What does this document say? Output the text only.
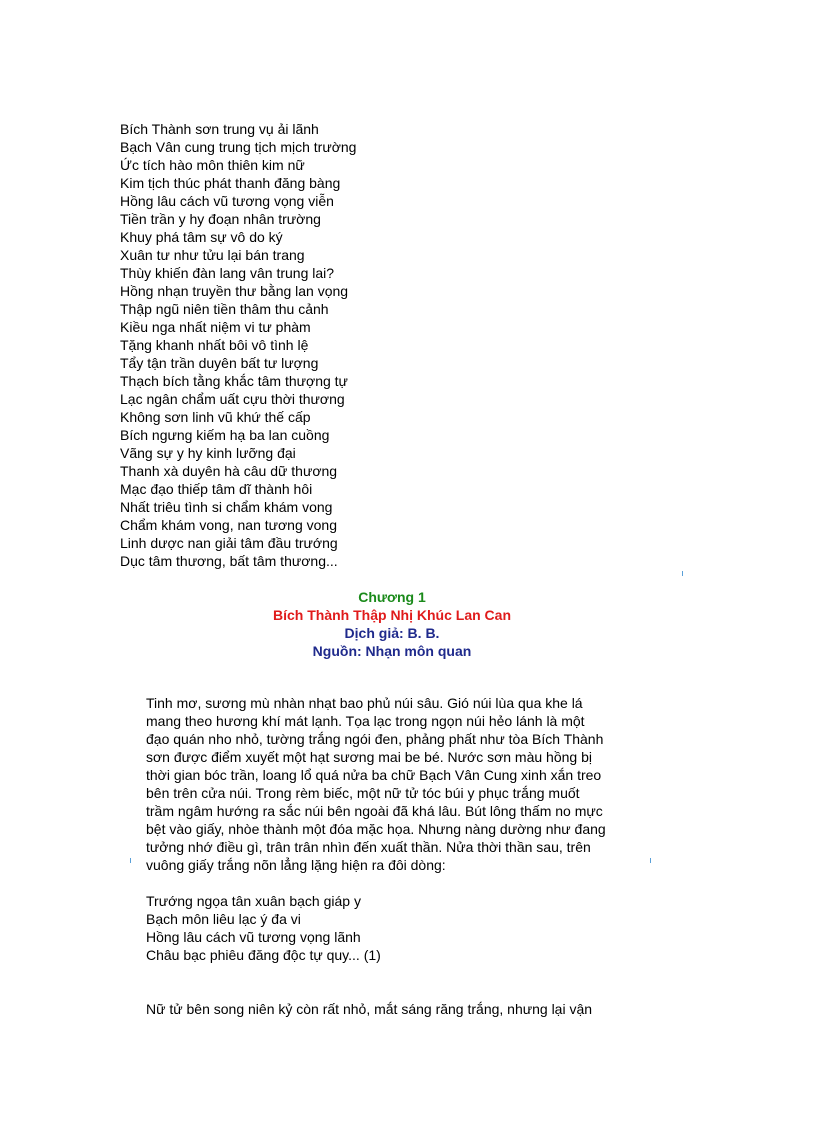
Bích Thành sơn trung vụ ải lãnh
Bạch Vân cung trung tịch mịch trường
Ức tích hào môn thiên kim nữ
Kim tịch thúc phát thanh đăng bàng
Hồng lâu cách vũ tương vọng viễn
Tiền trần y hy đoạn nhân trường
Khuy phá tâm sự vô do ký
Xuân tư như tửu lại bán trang
Thùy khiến đàn lang vân trung lai?
Hồng nhạn truyền thư bằng lan vọng
Thập ngũ niên tiền thâm thu cảnh
Kiều nga nhất niệm vi tư phàm
Tặng khanh nhất bôi vô tình lệ
Tẩy tận trần duyên bất tư lượng
Thạch bích tằng khắc tâm thượng tự
Lạc ngân chẩm uất cựu thời thương
Không sơn linh vũ khứ thế cấp
Bích ngưng kiếm hạ ba lan cuồng
Vãng sự y hy kinh lưỡng đại
Thanh xà duyên hà câu dữ thương
Mạc đạo thiếp tâm dĩ thành hôi
Nhất triêu tình si chẩm khám vong
Chẩm khám vong, nan tương vong
Linh dược nan giải tâm đầu trướng
Dục tâm thương, bất tâm thương...
Chương 1
Bích Thành Thập Nhị Khúc Lan Can
Dịch giả: B. B.
Nguồn: Nhạn môn quan
Tinh mơ, sương mù nhàn nhạt bao phủ núi sâu. Gió núi lùa qua khe lá
mang theo hương khí mát lạnh. Tọa lạc trong ngọn núi hẻo lánh là một
đạo quán nho nhỏ, tường trắng ngói đen, phảng phất như tòa Bích Thành
sơn được điểm xuyết một hạt sương mai be bé. Nước sơn màu hồng bị
thời gian bóc trần, loang lổ quá nửa ba chữ Bạch Vân Cung xinh xắn treo
bên trên cửa núi. Trong rèm biếc, một nữ tử tóc búi y phục trắng muốt
trầm ngâm hướng ra sắc núi bên ngoài đã khá lâu. Bút lông thấm no mực
bệt vào giấy, nhòe thành một đóa mặc họa. Nhưng nàng dường như đang
tưởng nhớ điều gì, trân trân nhìn đến xuất thần. Nửa thời thần sau, trên
vuông giấy trắng nõn lẳng lặng hiện ra đôi dòng:
Trướng ngọa tân xuân bạch giáp y
Bạch môn liêu lạc ý đa vi
Hồng lâu cách vũ tương vọng lãnh
Châu bạc phiêu đăng độc tự quy... (1)
Nữ tử bên song niên kỷ còn rất nhỏ, mắt sáng răng trắng, nhưng lại vận
